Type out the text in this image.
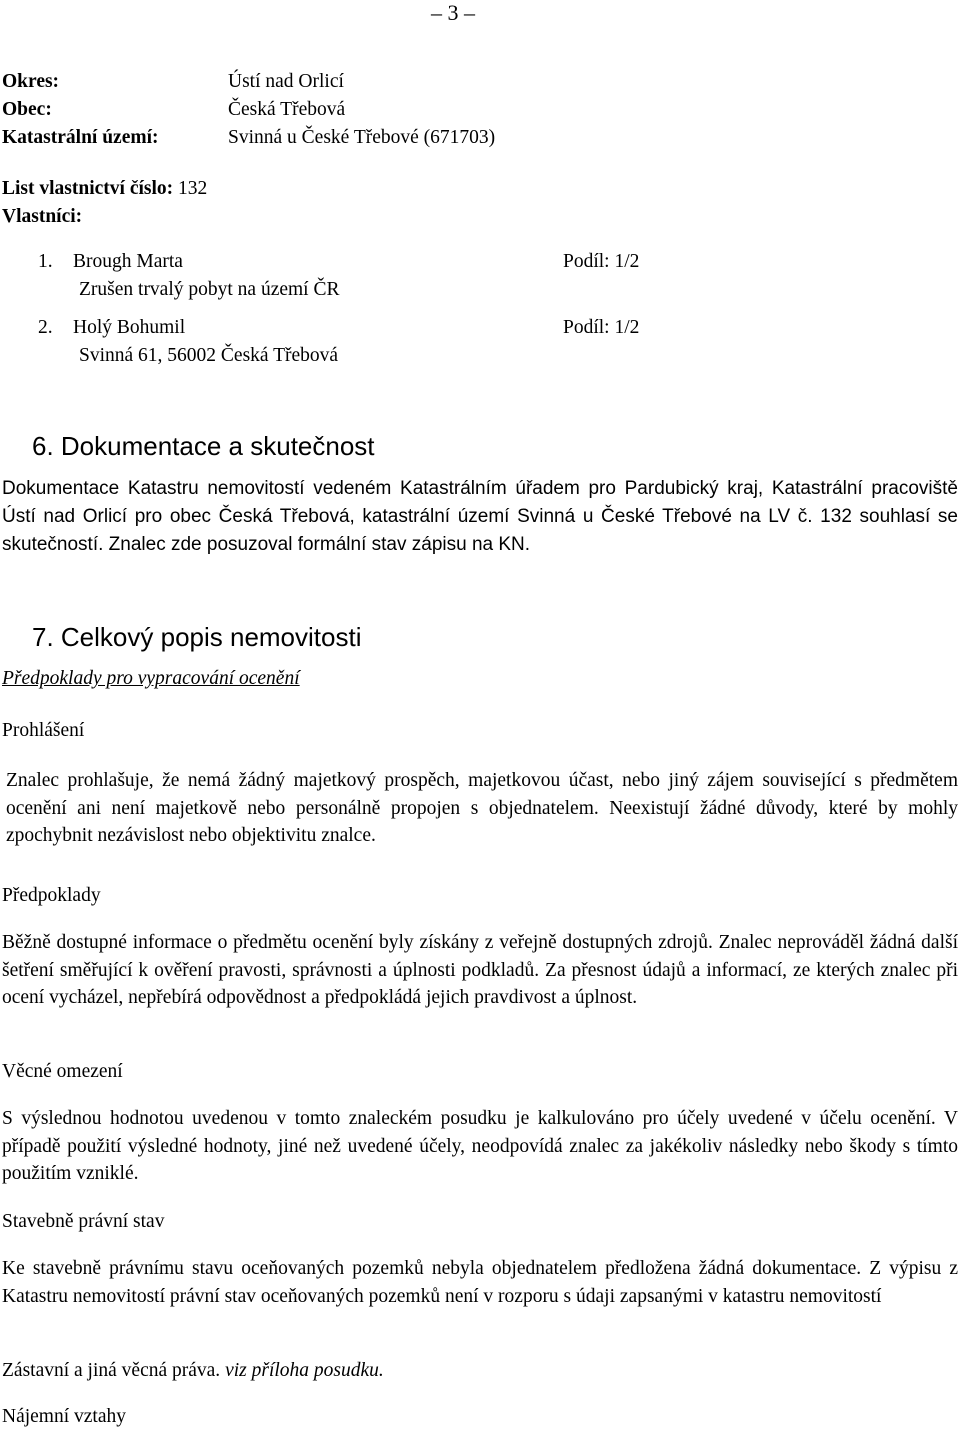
– 3 –
Okres:	Ústí nad Orlicí
Obec:	Česká Třebová
Katastrální území:	Svinná u České Třebové (671703)
List vlastnictví číslo: 132
Vlastníci:
1. Brough Marta	Podíl: 1/2
Zrušen trvalý pobyt na území ČR
2. Holý Bohumil	Podíl: 1/2
Svinná 61, 56002 Česká Třebová
6. Dokumentace a skutečnost
Dokumentace Katastru nemovitostí vedeném Katastrálním úřadem pro Pardubický kraj, Katastrální pracoviště Ústí nad Orlicí pro obec Česká Třebová, katastrální území Svinná u České Třebové na LV č. 132 souhlasí se skutečností. Znalec zde posuzoval formální stav zápisu na KN.
7. Celkový popis nemovitosti
Předpoklady pro vypracování ocenění
Prohlášení
Znalec prohlašuje, že nemá žádný majetkový prospěch, majetkovou účast, nebo jiný zájem související s předmětem ocenění ani není majetkově nebo personálně propojen s objednatelem. Neexistují žádné důvody, které by mohly zpochybnit nezávislost nebo objektivitu znalce.
Předpoklady
Běžně dostupné informace o předmětu ocenění byly získány z veřejně dostupných zdrojů. Znalec neprováděl žádná další šetření směřující k ověření pravosti, správnosti a úplnosti podkladů. Za přesnost údajů a informací, ze kterých znalec při ocení vycházel, nepřebírá odpovědnost a předpokládá jejich pravdivost a úplnost.
Věcné omezení
S výslednou hodnotou uvedenou v tomto znaleckém posudku je kalkulováno pro účely uvedené v účelu ocenění. V případě použití výsledné hodnoty, jiné než uvedené účely, neodpovídá znalec za jakékoliv následky nebo škody s tímto použitím vzniklé.
Stavebně právní stav
Ke stavebně právnímu stavu oceňovaných pozemků nebyla objednatelem předložena žádná dokumentace. Z výpisu z Katastru nemovitostí právní stav oceňovaných pozemků není v rozporu s údaji zapsanými v katastru nemovitostí
Zástavní a jiná věcná práva. viz příloha posudku.
Nájemní vztahy
